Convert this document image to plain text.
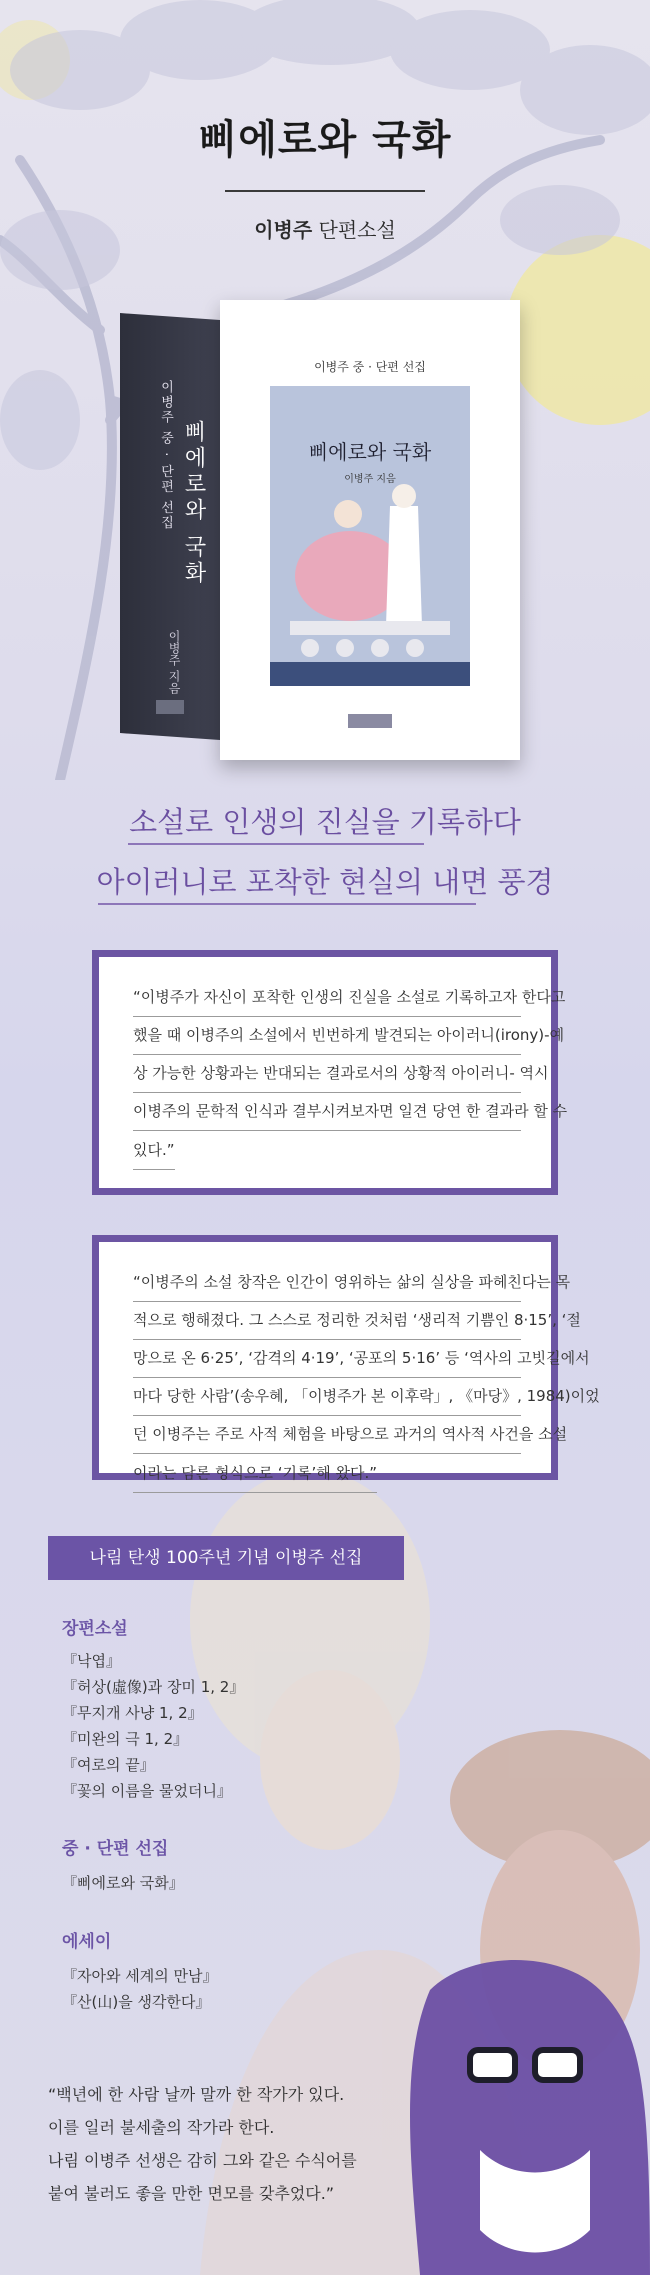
삐에로와 국화
이병주 단편소설
이병주 중 · 단편 선집 삐에로와 국화
이병주 지음
이병주 중 · 단편 선집
삐에로와 국화
이병주 지음
소설로 인생의 진실을 기록하다
아이러니로 포착한 현실의 내면 풍경
“이병주가 자신이 포착한 인생의 진실을 소설로 기록하고자 한다고
했을 때 이병주의 소설에서 빈번하게 발견되는 아이러니(irony)-예
상 가능한 상황과는 반대되는 결과로서의 상황적 아이러니- 역시
이병주의 문학적 인식과 결부시켜보자면 일견 당연 한 결과라 할 수
있다.”
“이병주의 소설 창작은 인간이 영위하는 삶의 실상을 파헤친다는 목
적으로 행해졌다. 그 스스로 정리한 것처럼 ‘생리적 기쁨인 8·15’, ‘절
망으로 온 6·25’, ‘감격의 4·19’, ‘공포의 5·16’ 등 ‘역사의 고빗길에서
마다 당한 사람’(송우혜, 「이병주가 본 이후락」, 《마당》, 1984)이었
던 이병주는 주로 사적 체험을 바탕으로 과거의 역사적 사건을 소설
이라는 담론 형식으로 ‘기록’해 왔다.”
나림 탄생 100주년 기념 이병주 선집
장편소설
『낙엽』
『허상(虛像)과 장미 1, 2』
『무지개 사냥 1, 2』
『미완의 극 1, 2』
『여로의 끝』
『꽃의 이름을 물었더니』
중 · 단편 선집
『삐에로와 국화』
에세이
『자아와 세계의 만남』
『산(山)을 생각한다』
“백년에 한 사람 날까 말까 한 작가가 있다.
이를 일러 불세출의 작가라 한다.
나림 이병주 선생은 감히 그와 같은 수식어를
붙여 불러도 좋을 만한 면모를 갖추었다.”
